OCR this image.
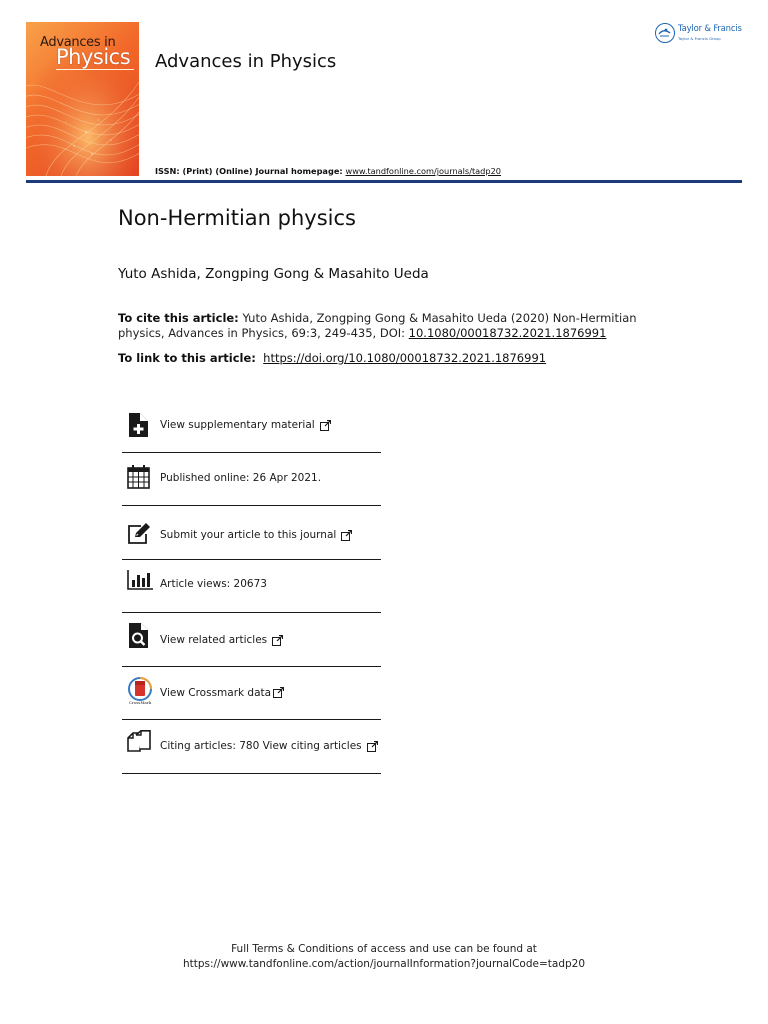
Advances in
Physics Advances in Physics
Taylor & Francis
Taylor & Francis Group
ISSN: (Print) (Online) Journal homepage: www.tandfonline.com/journals/tadp20
Non-Hermitian physics
Yuto Ashida, Zongping Gong & Masahito Ueda
To cite this article: Yuto Ashida, Zongping Gong & Masahito Ueda (2020) Non-Hermitian physics, Advances in Physics, 69:3, 249-435, DOI: 10.1080/00018732.2021.1876991
To link to this article: https://doi.org/10.1080/00018732.2021.1876991
View supplementary material
Published online: 26 Apr 2021.
Submit your article to this journal
Article views: 20673
View related articles
CrossMark
View Crossmark data
Citing articles: 780 View citing articles
Full Terms & Conditions of access and use can be found at
https://www.tandfonline.com/action/journalInformation?journalCode=tadp20
